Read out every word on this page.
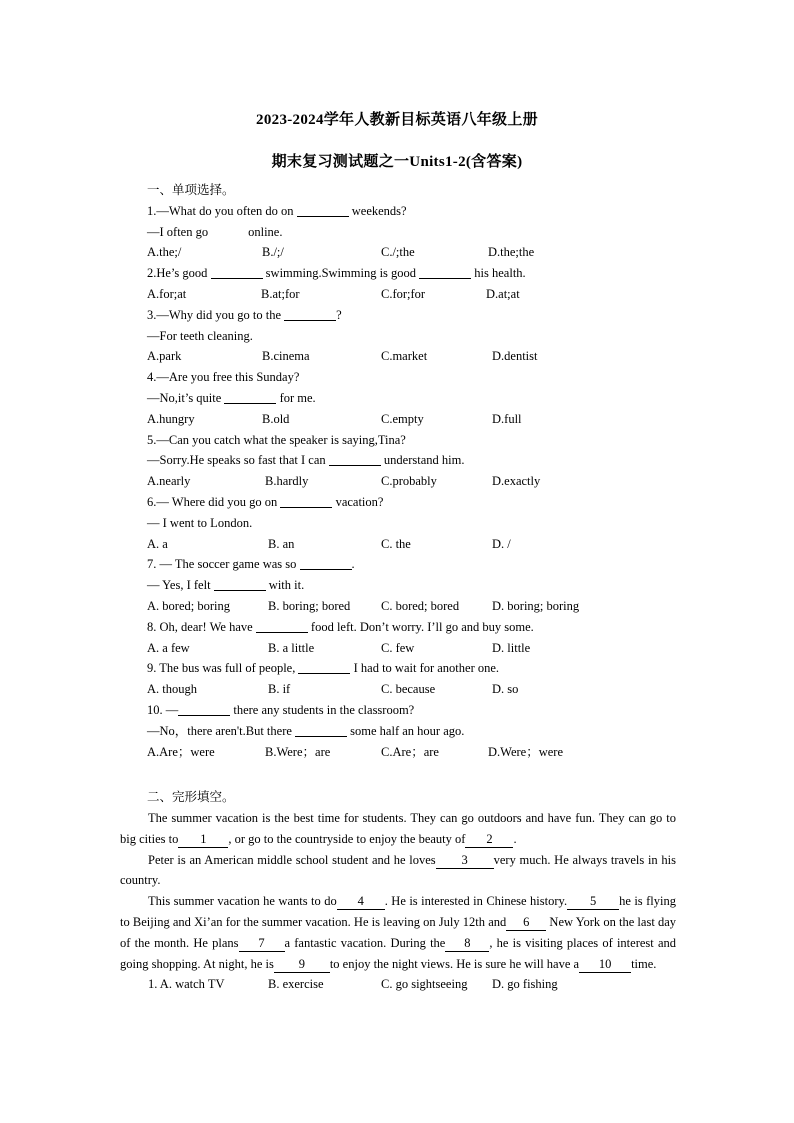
2023-2024学年人教新目标英语八年级上册
期末复习测试题之一Units1-2(含答案)
一、单项选择。
1.—What do you often do on	weekends?
—I often go	online.
A.the;/	B./;/	C./;the	D.the;the
2.He’s good	swimming.Swimming is good	his health.
A.for;at	B.at;for	C.for;for	D.at;at
3.—Why did you go to the	?
—For teeth cleaning.
A.park	B.cinema	C.market	D.dentist
4.—Are you free this Sunday?
—No,it’s quite	for me.
A.hungry	B.old	C.empty	D.full
5.—Can you catch what the speaker is saying,Tina?
—Sorry.He speaks so fast that I can	understand him.
A.nearly	B.hardly	C.probably	D.exactly
6.— Where did you go on	vacation?
— I went to London.
A. a	B. an	C. the	D. /
7. — The soccer game was so	.
— Yes, I felt	with it.
A. bored; boring	B. boring; bored C. bored; bored	D. boring; boring
8. Oh, dear! We have	food left. Don’t worry. I’ll go and buy some.
A. a few	B. a little	C. few	D. little
9. The bus was full of people,	I had to wait for another one.
A. though	B. if	C. because	D. so
10. —	there any students in the classroom?
—No，there aren't.But there	some half an hour ago.
A.Are；were	B.Were；are	C.Are；are	D.Were；were
二、完形填空。
The summer vacation is the best time for students. They can go outdoors and have fun. They can go to big cities to 1 , or go to the countryside to enjoy the beauty of 2 .
Peter is an American middle school student and he loves 3 very much. He always travels in his country.
This summer vacation he wants to do 4 . He is interested in Chinese history. 5 he is flying to Beijing and Xi’an for the summer vacation. He is leaving on July 12th and 6 New York on the last day of the month. He plans 7 a fantastic vacation. During the 8 , he is visiting places of interest and going shopping. At night, he is 9 to enjoy the night views. He is sure he will have a 10 time.
1. A. watch TV	B. exercise	C. go sightseeing D. go fishing
